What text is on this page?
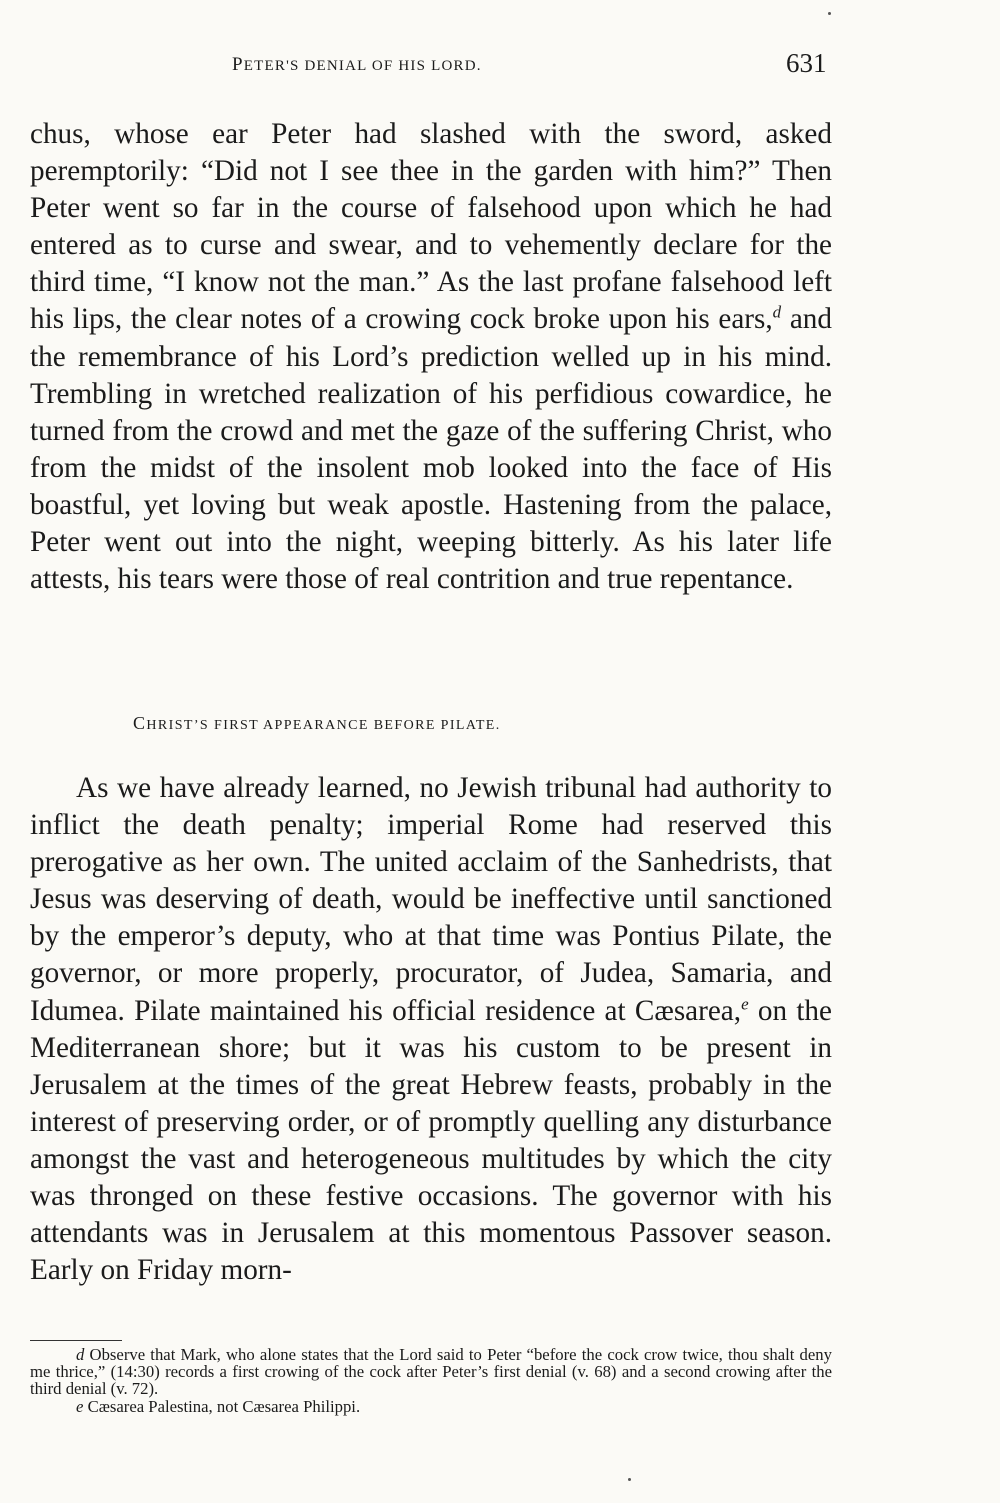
PETER'S DENIAL OF HIS LORD.	631

chus, whose ear Peter had slashed with the sword, asked peremptorily: “Did not I see thee in the garden with him?” Then Peter went so far in the course of falsehood upon which he had entered as to curse and swear, and to vehemently declare for the third time, “I know not the man.” As the last profane falsehood left his lips, the clear notes of a crowing cock broke upon his ears,$^d$ and the remembrance of his Lord’s prediction welled up in his mind. Trembling in wretched realization of his perfidious cowardice, he turned from the crowd and met the gaze of the suffering Christ, who from the midst of the insolent mob looked into the face of His boastful, yet loving but weak apostle. Hastening from the palace, Peter went out into the night, weeping bitterly. As his later life attests, his tears were those of real contrition and true repentance.

CHRIST’S FIRST APPEARANCE BEFORE PILATE.

As we have already learned, no Jewish tribunal had authority to inflict the death penalty; imperial Rome had reserved this prerogative as her own. The united acclaim of the Sanhedrists, that Jesus was deserving of death, would be ineffective until sanctioned by the emperor’s deputy, who at that time was Pontius Pilate, the governor, or more properly, procurator, of Judea, Samaria, and Idumea. Pilate maintained his official residence at Cæsarea,$^e$ on the Mediterranean shore; but it was his custom to be present in Jerusalem at the times of the great Hebrew feasts, probably in the interest of preserving order, or of promptly quelling any disturbance amongst the vast and heterogeneous multitudes by which the city was thronged on these festive occasions. The governor with his attendants was in Jerusalem at this momentous Passover season. Early on Friday morn-

d Observe that Mark, who alone states that the Lord said to Peter “before the cock crow twice, thou shalt deny me thrice,” (14:30) records a first crowing of the cock after Peter’s first denial (v. 68) and a second crowing after the third denial (v. 72).

e Cæsarea Palestina, not Cæsarea Philippi.
